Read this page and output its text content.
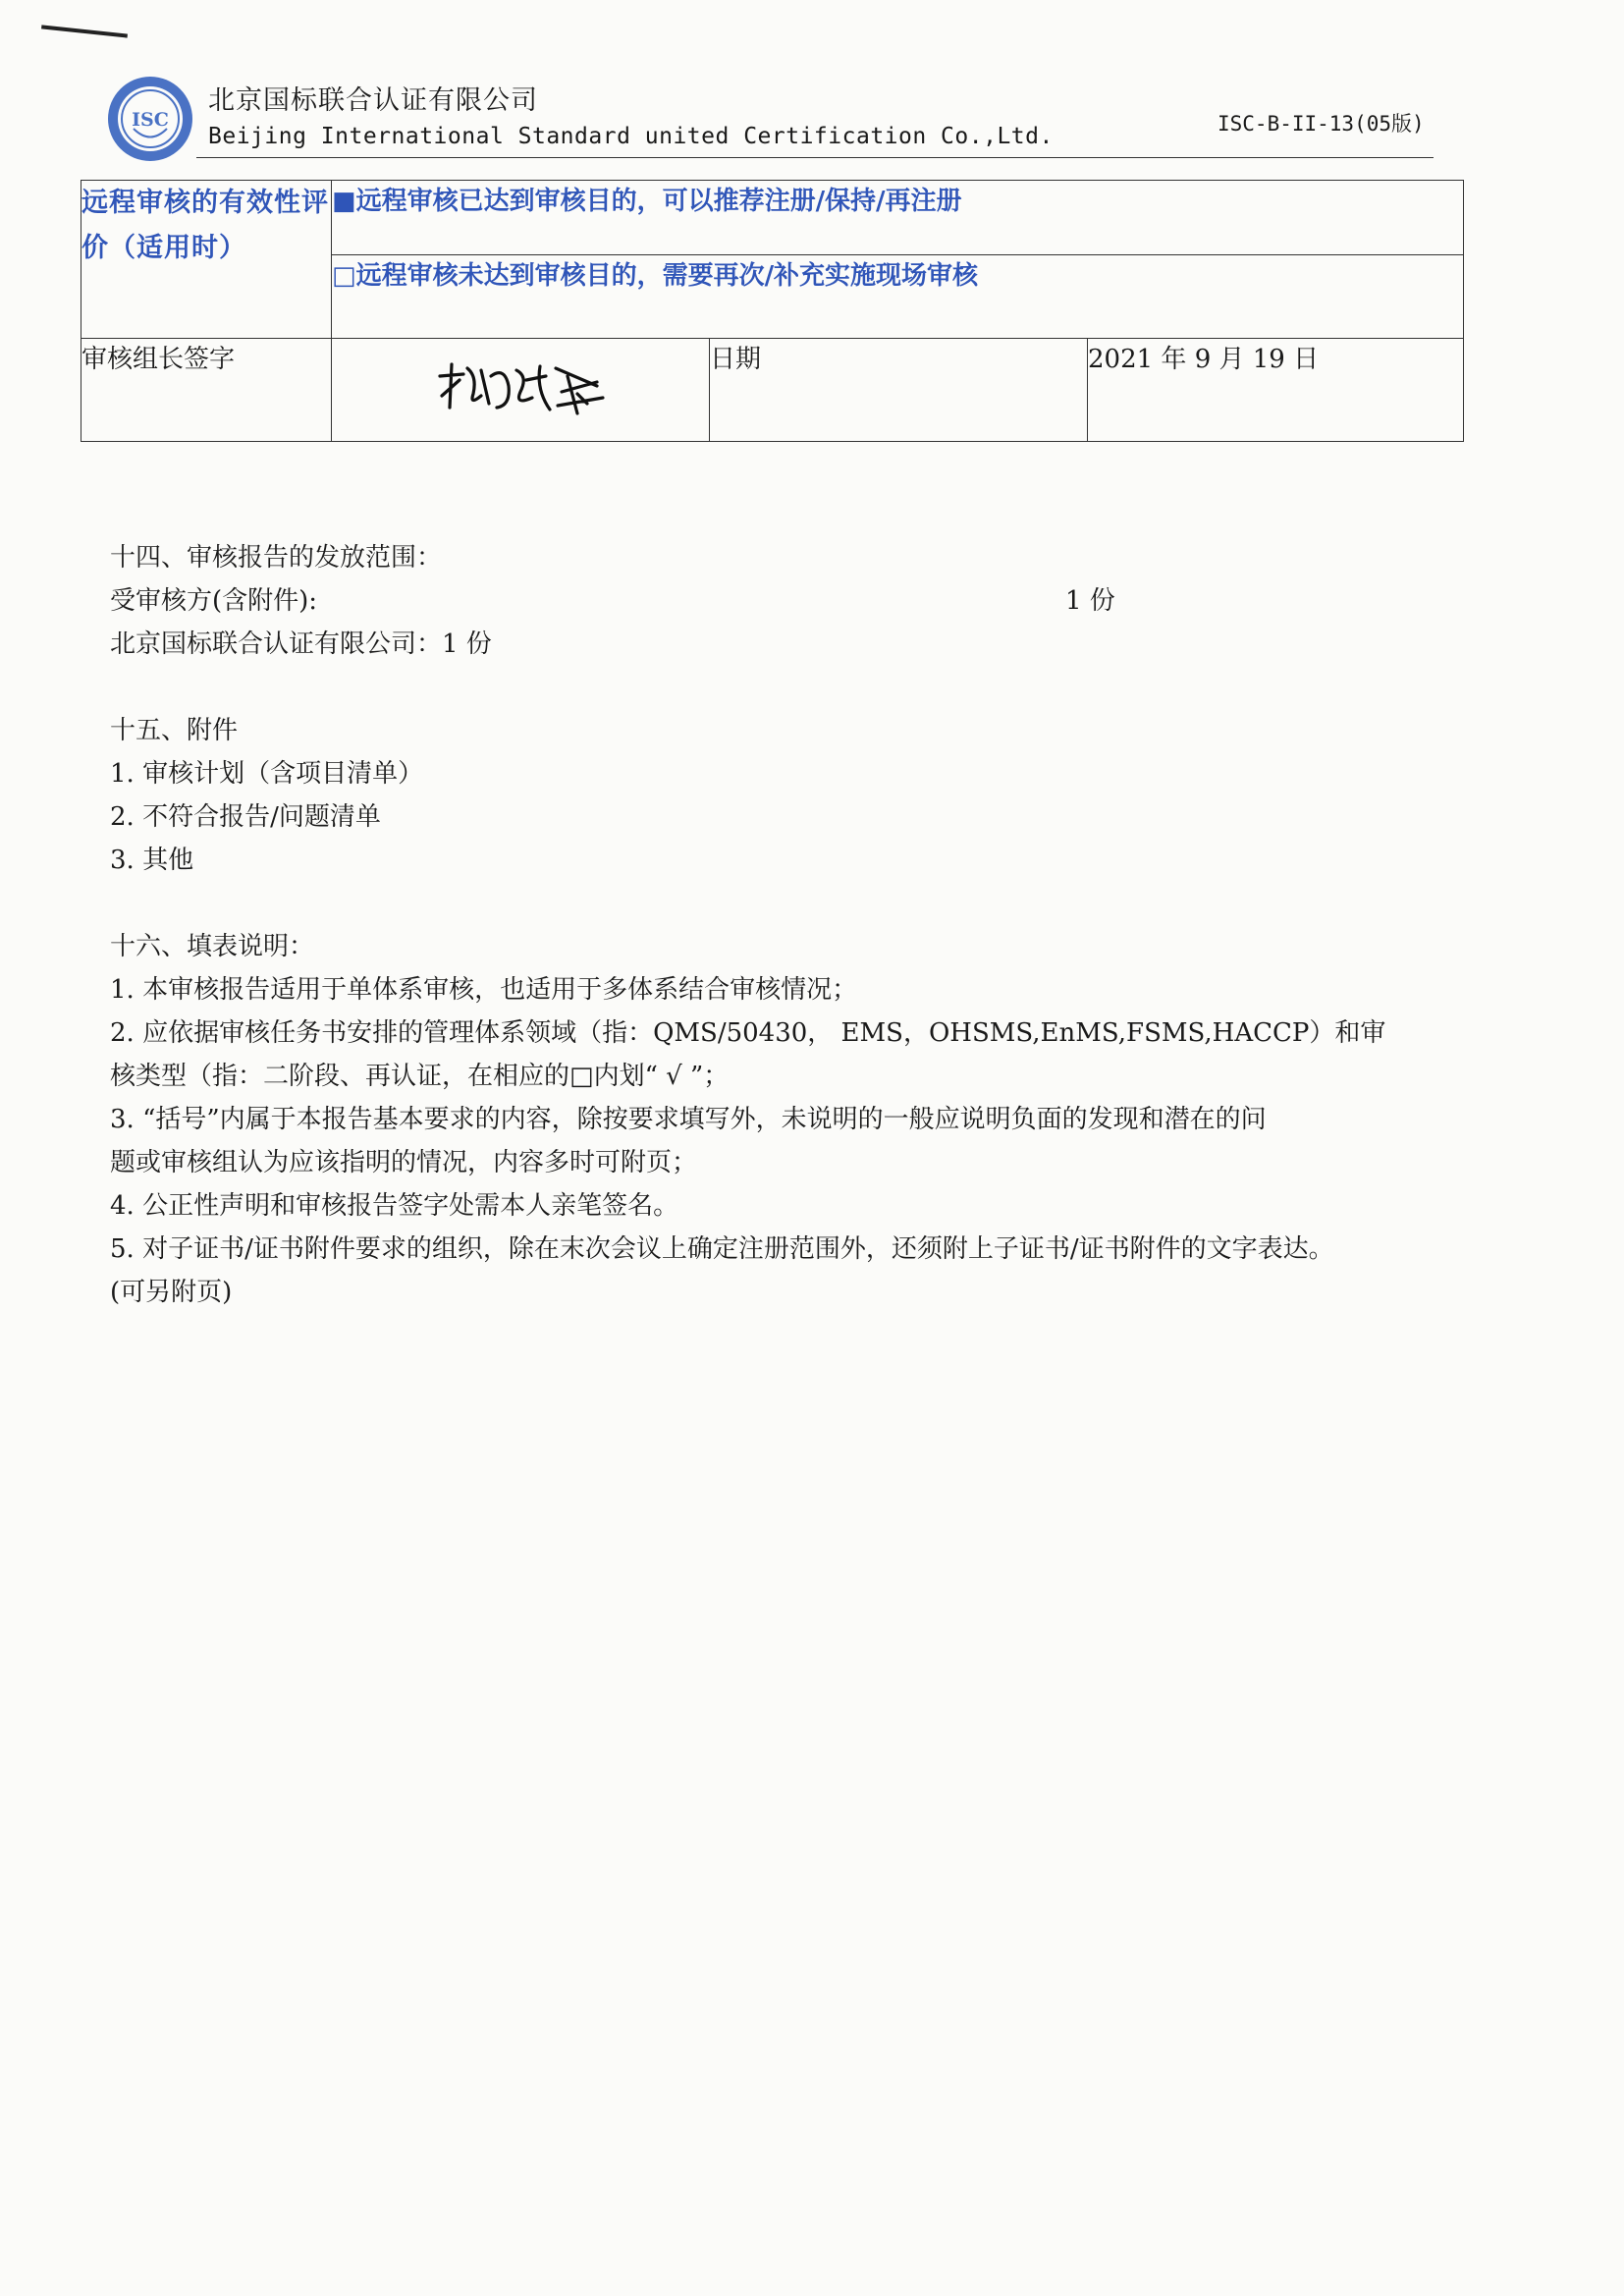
ISC
北京国标联合认证有限公司
Beijing International Standard united Certification Co.,Ltd.	ISC-B-II-13(05版)
远程审核的有效性评价（适用时）	■远程审核已达到审核目的，可以推荐注册/保持/再注册		
	□远程审核未达到审核目的，需要再次/补充实施现场审核		
审核组长签字		日期	2021 年 9 月 19 日

十四、审核报告的发放范围：

受审核方(含附件):	1 份

北京国标联合认证有限公司：1 份

十五、附件

1. 审核计划（含项目清单）

2. 不符合报告/问题清单

3. 其他

十六、填表说明：

1. 本审核报告适用于单体系审核，也适用于多体系结合审核情况；

2. 应依据审核任务书安排的管理体系领域（指：QMS/50430， EMS，OHSMS,EnMS,FSMS,HACCP）和审

核类型（指：二阶段、再认证，在相应的□内划“ √ ”；

3. “括号”内属于本报告基本要求的内容，除按要求填写外，未说明的一般应说明负面的发现和潜在的问

题或审核组认为应该指明的情况，内容多时可附页；

4. 公正性声明和审核报告签字处需本人亲笔签名。

5. 对子证书/证书附件要求的组织，除在末次会议上确定注册范围外，还须附上子证书/证书附件的文字表达。

(可另附页)
